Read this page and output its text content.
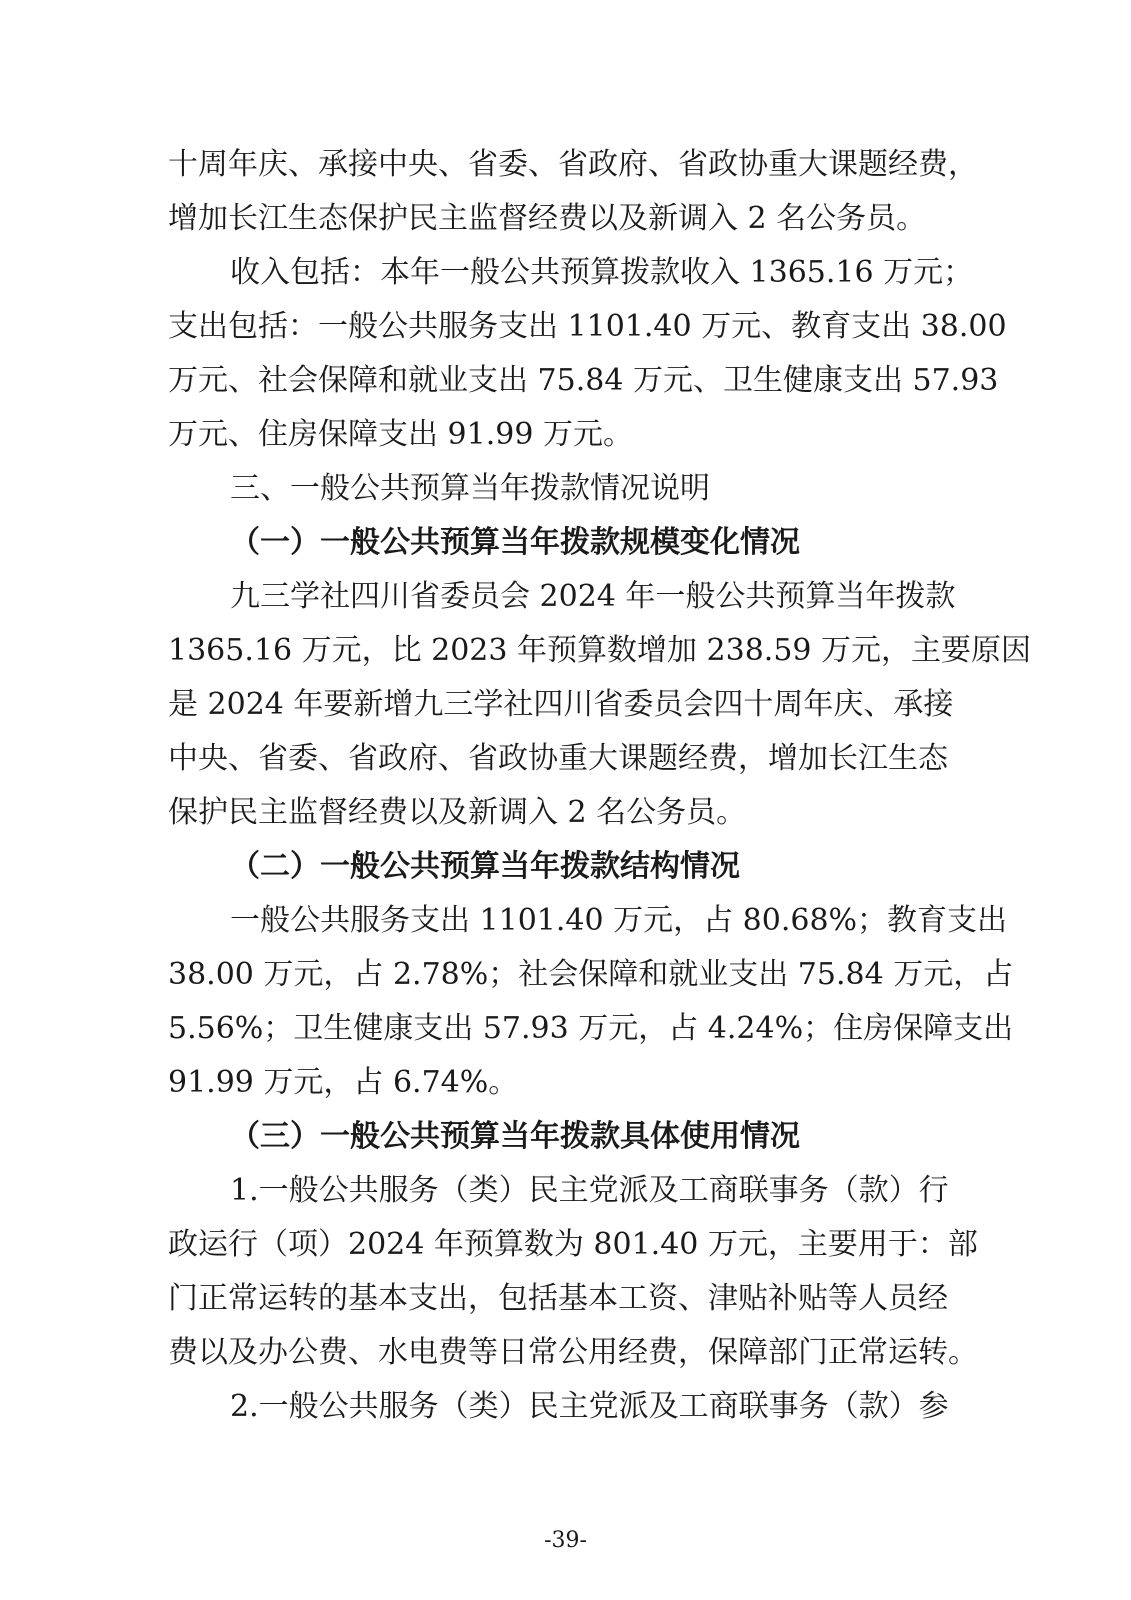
十周年庆、承接中央、省委、省政府、省政协重大课题经费，
增加长江生态保护民主监督经费以及新调入 2 名公务员。
收入包括：本年一般公共预算拨款收入 1365.16 万元；
支出包括：一般公共服务支出 1101.40 万元、教育支出 38.00
万元、社会保障和就业支出 75.84 万元、卫生健康支出 57.93
万元、住房保障支出 91.99 万元。
三、一般公共预算当年拨款情况说明
（一）一般公共预算当年拨款规模变化情况
九三学社四川省委员会 2024 年一般公共预算当年拨款
1365.16 万元，比 2023 年预算数增加 238.59 万元，主要原因
是 2024 年要新增九三学社四川省委员会四十周年庆、承接
中央、省委、省政府、省政协重大课题经费，增加长江生态
保护民主监督经费以及新调入 2 名公务员。
（二）一般公共预算当年拨款结构情况
一般公共服务支出 1101.40 万元，占 80.68%；教育支出
38.00 万元，占 2.78%；社会保障和就业支出 75.84 万元，占
5.56%；卫生健康支出 57.93 万元，占 4.24%；住房保障支出
91.99 万元，占 6.74%。
（三）一般公共预算当年拨款具体使用情况
1.一般公共服务（类）民主党派及工商联事务（款）行
政运行（项）2024 年预算数为 801.40 万元，主要用于：部
门正常运转的基本支出，包括基本工资、津贴补贴等人员经
费以及办公费、水电费等日常公用经费，保障部门正常运转。
2.一般公共服务（类）民主党派及工商联事务（款）参
-39-
